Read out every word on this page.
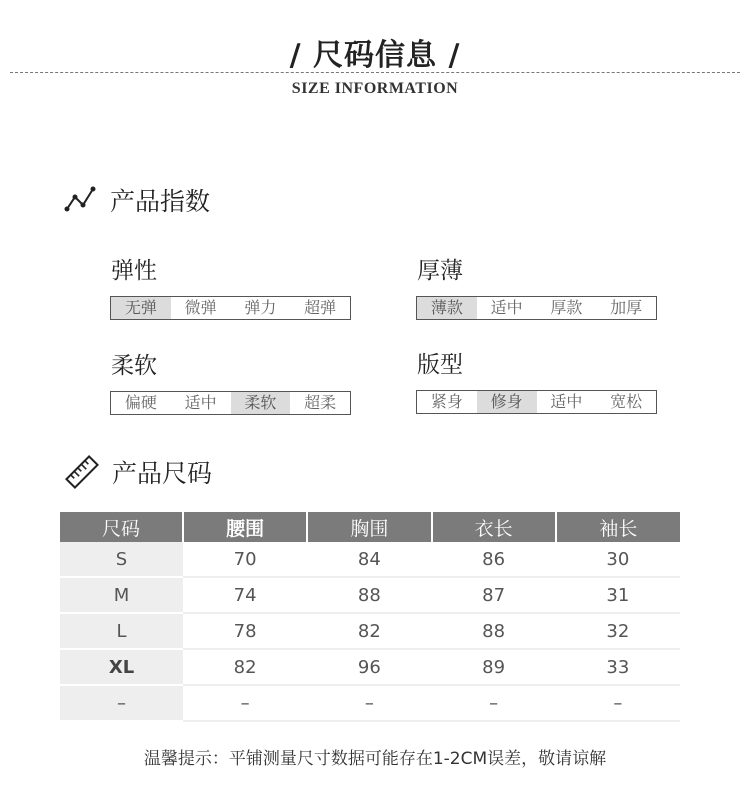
/ 尺码信息 /
SIZE INFORMATION
产品指数
弹性
无弹	微弹	弹力	超弹
厚薄
薄款	适中	厚款	加厚
柔软
偏硬	适中	柔软	超柔
版型
紧身	修身	适中	宽松
产品尺码
尺码	腰围	胸围	衣长	袖长
S	70	84	86	30
M	74	88	87	31
L	78	82	88	32
XL	82	96	89	33
–	–	–	–	–
温馨提示：平铺测量尺寸数据可能存在1-2CM误差，敬请谅解
